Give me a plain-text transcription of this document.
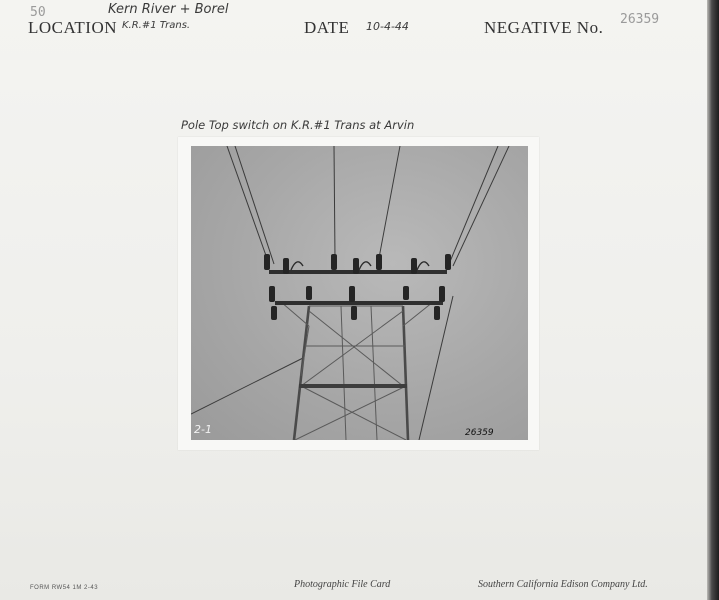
50	Kern River + Borel
LOCATION K.R.#1 Trans.	DATE 10-4-44	NEGATIVE No. 26359
Pole Top switch on K.R.#1 Trans at Arvin
2-1	26359
FORM RW54 1M 2-43	Photographic File Card	Southern California Edison Company Ltd.
